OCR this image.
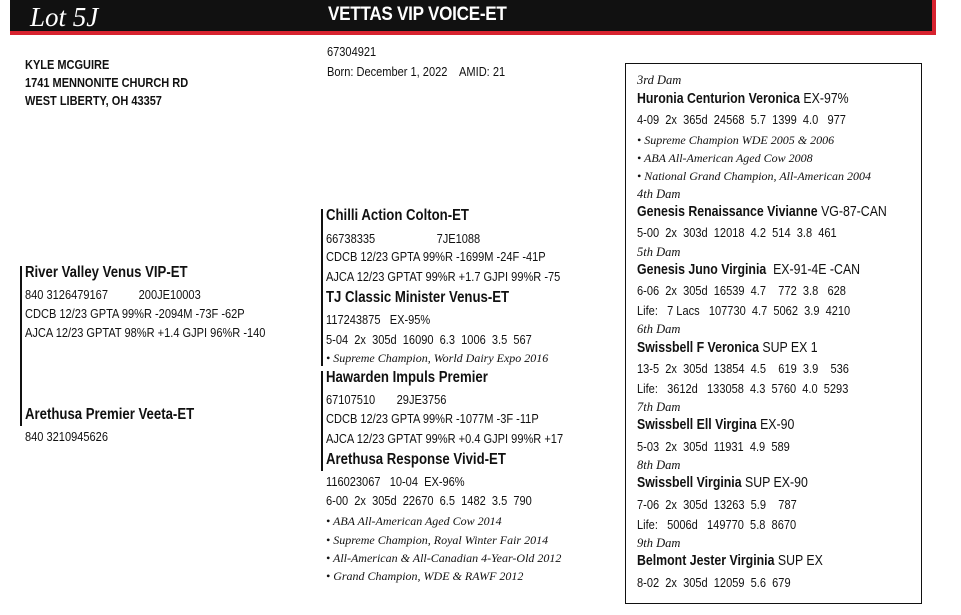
Lot 5J	VETTAS VIP VOICE-ET
KYLE MCGUIRE
1741 MENNONITE CHURCH RD
WEST LIBERTY, OH 43357
67304921
Born: December 1, 2022    AMID: 21
River Valley Venus VIP-ET
840 3126479167          200JE10003
CDCB 12/23 GPTA 99%R -2094M -73F -62P
AJCA 12/23 GPTAT 98%R +1.4 GJPI 96%R -140
Arethusa Premier Veeta-ET
840 3210945626
Chilli Action Colton-ET
66738335                    7JE1088
CDCB 12/23 GPTA 99%R -1699M -24F -41P
AJCA 12/23 GPTAT 99%R +1.7 GJPI 99%R -75
TJ Classic Minister Venus-ET
117243875   EX-95%
5-04  2x  305d  16090  6.3  1006  3.5  567
• Supreme Champion, World Dairy Expo 2016
Hawarden Impuls Premier
67107510       29JE3756
CDCB 12/23 GPTA 99%R -1077M -3F -11P
AJCA 12/23 GPTAT 99%R +0.4 GJPI 99%R +17
Arethusa Response Vivid-ET
116023067   10-04  EX-96%
6-00  2x  305d  22670  6.5  1482  3.5  790
• ABA All-American Aged Cow 2014
• Supreme Champion, Royal Winter Fair 2014
• All-American & All-Canadian 4-Year-Old 2012
• Grand Champion, WDE & RAWF 2012
3rd Dam
Huronia Centurion Veronica EX-97%
4-09  2x  365d  24568  5.7  1399  4.0   977
• Supreme Champion WDE 2005 & 2006
• ABA All-American Aged Cow 2008
• National Grand Champion, All-American 2004
4th Dam
Genesis Renaissance Vivianne VG-87-CAN
5-00  2x  303d  12018  4.2  514  3.8  461
5th Dam
Genesis Juno Virginia  EX-91-4E -CAN
6-06  2x  305d  16539  4.7    772  3.8   628
Life:   7 Lacs   107730  4.7  5062  3.9  4210
6th Dam
Swissbell F Veronica SUP EX 1
13-5  2x  305d  13854  4.5    619  3.9    536
Life:   3612d   133058  4.3  5760  4.0  5293
7th Dam
Swissbell Ell Virgina EX-90
5-03  2x  305d  11931  4.9  589
8th Dam
Swissbell Virginia SUP EX-90
7-06  2x  305d  13263  5.9    787
Life:   5006d   149770  5.8  8670
9th Dam
Belmont Jester Virginia SUP EX
8-02  2x  305d  12059  5.6  679
